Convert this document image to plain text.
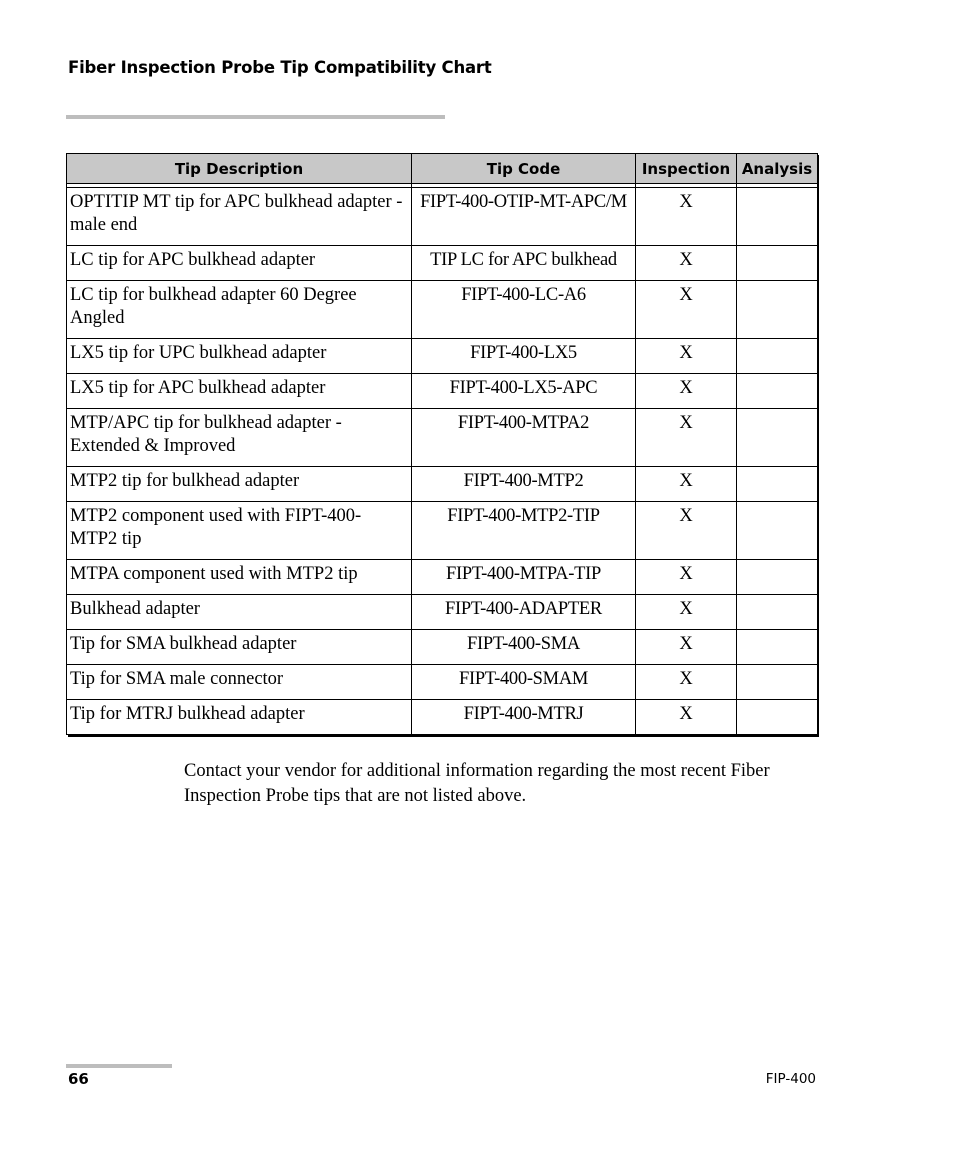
Fiber Inspection Probe Tip Compatibility Chart
Tip Description	Tip Code	Inspection	Analysis

OPTITIP MT tip for APC bulkhead adapter - male end	FIPT-400-OTIP-MT-APC/M	X	
LC tip for APC bulkhead adapter	TIP LC for APC bulkhead	X	
LC tip for bulkhead adapter 60 Degree Angled	FIPT-400-LC-A6	X	
LX5 tip for UPC bulkhead adapter	FIPT-400-LX5	X	
LX5 tip for APC bulkhead adapter	FIPT-400-LX5-APC	X	
MTP/APC tip for bulkhead adapter - Extended & Improved	FIPT-400-MTPA2	X	
MTP2 tip for bulkhead adapter	FIPT-400-MTP2	X	
MTP2 component used with FIPT-400-MTP2 tip	FIPT-400-MTP2-TIP	X	
MTPA component used with MTP2 tip	FIPT-400-MTPA-TIP	X	
Bulkhead adapter	FIPT-400-ADAPTER	X	
Tip for SMA bulkhead adapter	FIPT-400-SMA	X	
Tip for SMA male connector	FIPT-400-SMAM	X	
Tip for MTRJ bulkhead adapter	FIPT-400-MTRJ	X	
Contact your vendor for additional information regarding the most recent Fiber Inspection Probe tips that are not listed above.
66	FIP-400
